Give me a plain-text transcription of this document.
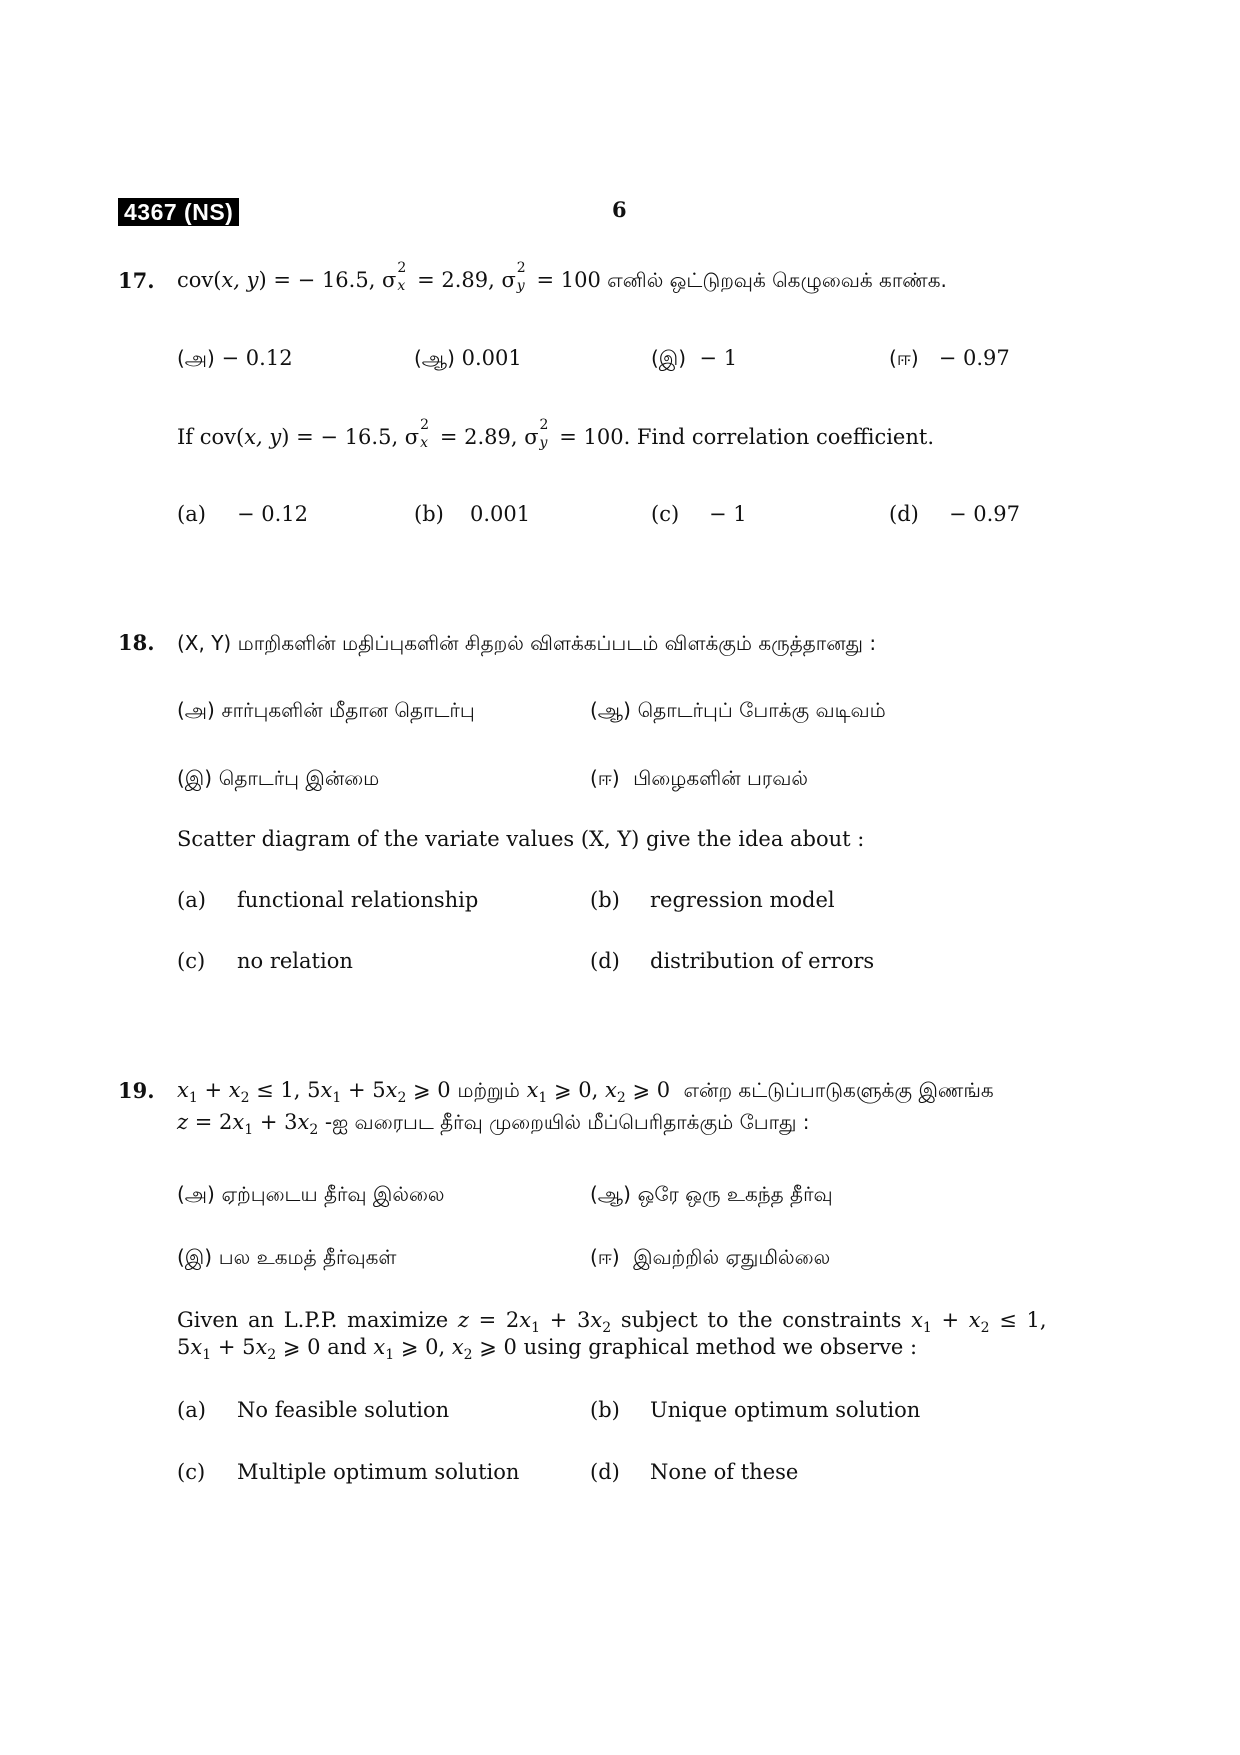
4367 (NS)	6
17. cov(x, y) = − 16.5, σ 2
x = 2.89, σ 2
y = 100 எனில் ஒட்டுறவுக் கெழுவைக் காண்க.
(அ) − 0.12	(ஆ) 0.001	(இ) − 1	(ஈ) − 0.97
If cov(x, y) = − 16.5, σ 2
x = 2.89, σ 2
y = 100. Find correlation coefficient.
(a) − 0.12	(b) 0.001	(c) − 1	(d) − 0.97
18. (X, Y) மாறிகளின் மதிப்புகளின் சிதறல் விளக்கப்படம் விளக்கும் கருத்தானது :
(அ) சார்புகளின் மீதான தொடர்பு	(ஆ) தொடர்புப் போக்கு வடிவம்
(இ) தொடர்பு இன்மை	(ஈ) பிழைகளின் பரவல்
Scatter diagram of the variate values (X, Y) give the idea about :
(a) functional relationship	(b) regression model
(c) no relation	(d) distribution of errors
19. $x_1 + x_2 \le 1$, $5x_1 + 5x_2$ ⩾ 0 மற்றும் $x_1$ ⩾ 0, $x_2$ ⩾ 0  என்ற கட்டுப்பாடுகளுக்கு இணங்க
$z = 2x_1 + 3x_2$ -ஐ வரைபட தீர்வு முறையில் மீப்பெரிதாக்கும் போது :
(அ) ஏற்புடைய தீர்வு இல்லை	(ஆ) ஒரே ஒரு உகந்த தீர்வு
(இ) பல உகமத் தீர்வுகள்	(ஈ) இவற்றில் ஏதுமில்லை
Given an L.P.P. maximize $z = 2x_1 + 3x_2$ subject to the constraints $x_1 + x_2 \le 1$,
$5x_1 + 5x_2$ ⩾ 0 and $x_1$ ⩾ 0, $x_2$ ⩾ 0 using graphical method we observe :
(a) No feasible solution	(b) Unique optimum solution
(c) Multiple optimum solution	(d) None of these
